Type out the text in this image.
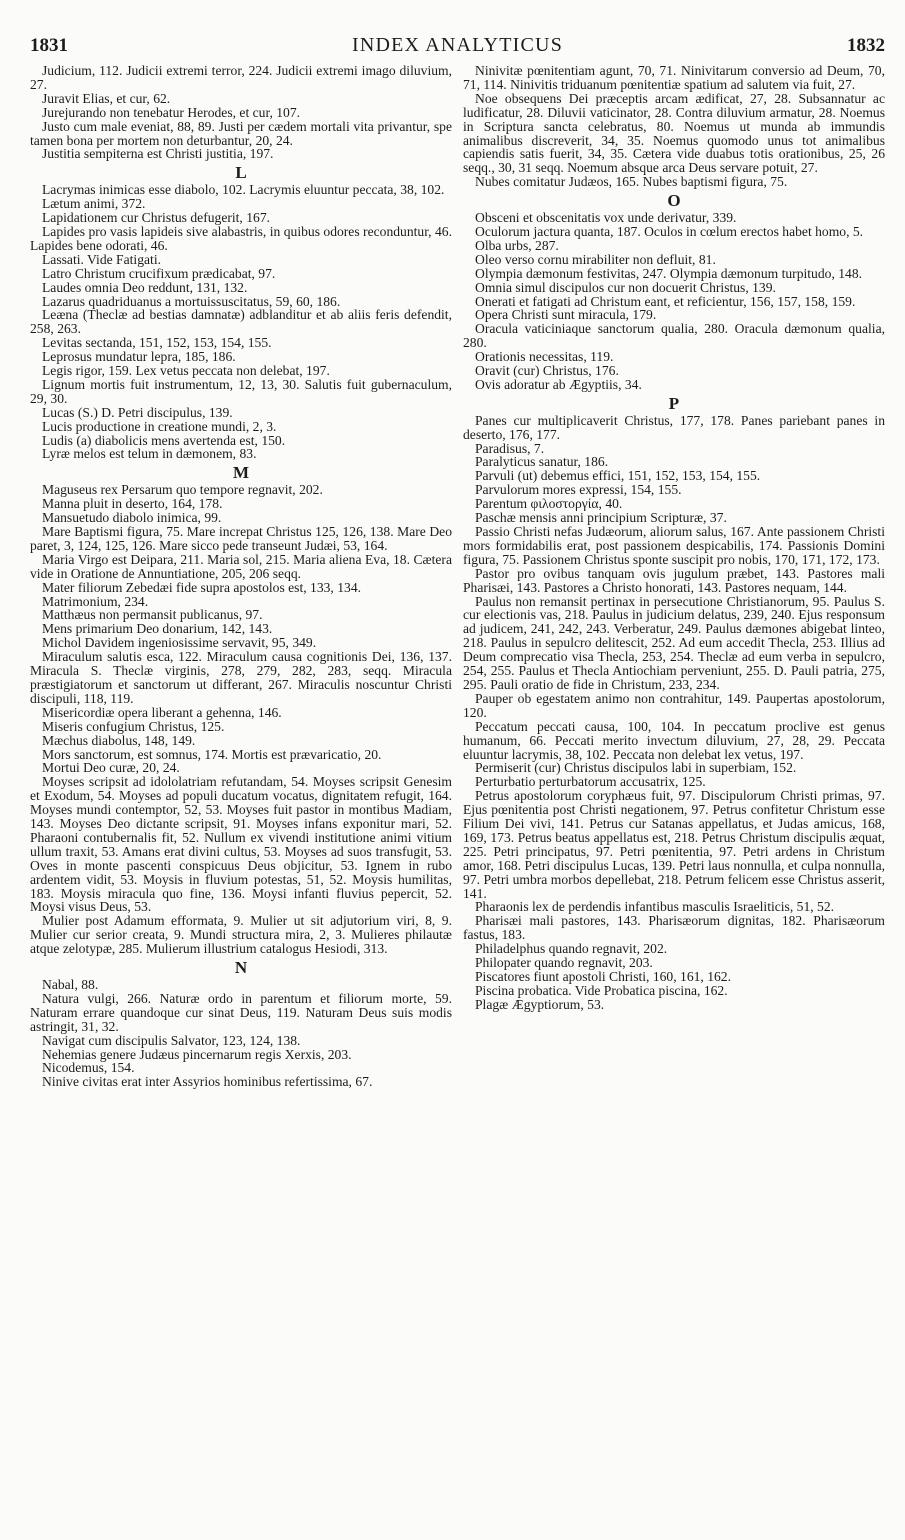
1831	INDEX ANALYTICUS	1832

Judicium, 112. Judicii extremi terror, 224. Judicii extremi imago diluvium, 27.

Juravit Elias, et cur, 62.

Jurejurando non tenebatur Herodes, et cur, 107.

Justo cum male eveniat, 88, 89. Justi per cædem mortali vita privantur, spe tamen bona per mortem non deturbantur, 20, 24.

Justitia sempiterna est Christi justitia, 197.

L

Lacrymas inimicas esse diabolo, 102. Lacrymis eluuntur peccata, 38, 102.

Lætum animi, 372.

Lapidationem cur Christus defugerit, 167.

Lapides pro vasis lapideis sive alabastris, in quibus odores reconduntur, 46. Lapides bene odorati, 46.

Lassati. Vide Fatigati.

Latro Christum crucifixum prædicabat, 97.

Laudes omnia Deo reddunt, 131, 132.

Lazarus quadriduanus a mortuissuscitatus, 59, 60, 186.

Leæna (Theclæ ad bestias damnatæ) adblanditur et ab aliis feris defendit, 258, 263.

Levitas sectanda, 151, 152, 153, 154, 155.

Leprosus mundatur lepra, 185, 186.

Legis rigor, 159. Lex vetus peccata non delebat, 197.

Lignum mortis fuit instrumentum, 12, 13, 30. Salutis fuit gubernaculum, 29, 30.

Lucas (S.) D. Petri discipulus, 139.

Lucis productione in creatione mundi, 2, 3.

Ludis (a) diabolicis mens avertenda est, 150.

Lyræ melos est telum in dæmonem, 83.

M

Maguseus rex Persarum quo tempore regnavit, 202.

Manna pluit in deserto, 164, 178.

Mansuetudo diabolo inimica, 99.

Mare Baptismi figura, 75. Mare increpat Christus 125, 126, 138. Mare Deo paret, 3, 124, 125, 126. Mare sicco pede transeunt Judæi, 53, 164.

Maria Virgo est Deipara, 211. Maria sol, 215. Maria aliena Eva, 18. Cætera vide in Oratione de Annuntiatione, 205, 206 seqq.

Mater filiorum Zebedæi fide supra apostolos est, 133, 134.

Matrimonium, 234.

Matthæus non permansit publicanus, 97.

Mens primarium Deo donarium, 142, 143.

Michol Davidem ingeniosissime servavit, 95, 349.

Miraculum salutis esca, 122. Miraculum causa cognitionis Dei, 136, 137. Miracula S. Theclæ virginis, 278, 279, 282, 283, seqq. Miracula præstigiatorum et sanctorum ut differant, 267. Miraculis noscuntur Christi discipuli, 118, 119.

Misericordiæ opera liberant a gehenna, 146.

Miseris confugium Christus, 125.

Mæchus diabolus, 148, 149.

Mors sanctorum, est somnus, 174. Mortis est prævaricatio, 20.

Mortui Deo curæ, 20, 24.

Moyses scripsit ad idololatriam refutandam, 54. Moyses scripsit Genesim et Exodum, 54. Moyses ad populi ducatum vocatus, dignitatem refugit, 164. Moyses mundi contemptor, 52, 53. Moyses fuit pastor in montibus Madiam, 143. Moyses Deo dictante scripsit, 91. Moyses infans exponitur mari, 52. Pharaoni contubernalis fit, 52. Nullum ex vivendi institutione animi vitium ullum traxit, 53. Amans erat divini cultus, 53. Moyses ad suos transfugit, 53. Oves in monte pascenti conspicuus Deus objicitur, 53. Ignem in rubo ardentem vidit, 53. Moysis in fluvium potestas, 51, 52. Moysis humilitas, 183. Moysis miracula quo fine, 136. Moysi infanti fluvius pepercit, 52. Moysi visus Deus, 53.

Mulier post Adamum efformata, 9. Mulier ut sit adjutorium viri, 8, 9. Mulier cur serior creata, 9. Mundi structura mira, 2, 3. Mulieres philautæ atque zelotypæ, 285. Mulierum illustrium catalogus Hesiodi, 313.

N

Nabal, 88.

Natura vulgi, 266. Naturæ ordo in parentum et filiorum morte, 59. Naturam errare quandoque cur sinat Deus, 119. Naturam Deus suis modis astringit, 31, 32.

Navigat cum discipulis Salvator, 123, 124, 138.

Nehemias genere Judæus pincernarum regis Xerxis, 203.

Nicodemus, 154.

Ninive civitas erat inter Assyrios hominibus refertissima, 67.

Ninivitæ pœnitentiam agunt, 70, 71. Ninivitarum conversio ad Deum, 70, 71, 114. Ninivitis triduanum pœnitentiæ spatium ad salutem via fuit, 27.

Noe obsequens Dei præceptis arcam ædificat, 27, 28. Subsannatur ac ludificatur, 28. Diluvii vaticinator, 28. Contra diluvium armatur, 28. Noemus in Scriptura sancta celebratus, 80. Noemus ut munda ab immundis animalibus discreverit, 34, 35. Noemus quomodo unus tot animalibus capiendis satis fuerit, 34, 35. Cætera vide duabus totis orationibus, 25, 26 seqq., 30, 31 seqq. Noemum absque arca Deus servare potuit, 27.

Nubes comitatur Judæos, 165. Nubes baptismi figura, 75.

O

Obsceni et obscenitatis vox unde derivatur, 339.

Oculorum jactura quanta, 187. Oculos in cœlum erectos habet homo, 5.

Olba urbs, 287.

Oleo verso cornu mirabiliter non defluit, 81.

Olympia dæmonum festivitas, 247. Olympia dæmonum turpitudo, 148.

Omnia simul discipulos cur non docuerit Christus, 139.

Onerati et fatigati ad Christum eant, et reficientur, 156, 157, 158, 159.

Opera Christi sunt miracula, 179.

Oracula vaticiniaque sanctorum qualia, 280. Oracula dæmonum qualia, 280.

Orationis necessitas, 119.

Oravit (cur) Christus, 176.

Ovis adoratur ab Ægyptiis, 34.

P

Panes cur multiplicaverit Christus, 177, 178. Panes pariebant panes in deserto, 176, 177.

Paradisus, 7.

Paralyticus sanatur, 186.

Parvuli (ut) debemus effici, 151, 152, 153, 154, 155.

Parvulorum mores expressi, 154, 155.

Parentum φιλοστοργία, 40.

Paschæ mensis anni principium Scripturæ, 37.

Passio Christi nefas Judæorum, aliorum salus, 167. Ante passionem Christi mors formidabilis erat, post passionem despicabilis, 174. Passionis Domini figura, 75. Passionem Christus sponte suscipit pro nobis, 170, 171, 172, 173.

Pastor pro ovibus tanquam ovis jugulum præbet, 143. Pastores mali Pharisæi, 143. Pastores a Christo honorati, 143. Pastores nequam, 144.

Paulus non remansit pertinax in persecutione Christianorum, 95. Paulus S. cur electionis vas, 218. Paulus in judicium delatus, 239, 240. Ejus responsum ad judicem, 241, 242, 243. Verberatur, 249. Paulus dæmones abigebat linteo, 218. Paulus in sepulcro delitescit, 252. Ad eum accedit Thecla, 253. Illius ad Deum comprecatio visa Thecla, 253, 254. Theclæ ad eum verba in sepulcro, 254, 255. Paulus et Thecla Antiochiam perveniunt, 255. D. Pauli patria, 275, 295. Pauli oratio de fide in Christum, 233, 234.

Pauper ob egestatem animo non contrahitur, 149. Paupertas apostolorum, 120.

Peccatum peccati causa, 100, 104. In peccatum proclive est genus humanum, 66. Peccati merito invectum diluvium, 27, 28, 29. Peccata eluuntur lacrymis, 38, 102. Peccata non delebat lex vetus, 197.

Permiserit (cur) Christus discipulos labi in superbiam, 152.

Perturbatio perturbatorum accusatrix, 125.

Petrus apostolorum coryphæus fuit, 97. Discipulorum Christi primas, 97. Ejus pœnitentia post Christi negationem, 97. Petrus confitetur Christum esse Filium Dei vivi, 141. Petrus cur Satanas appellatus, et Judas amicus, 168, 169, 173. Petrus beatus appellatus est, 218. Petrus Christum discipulis æquat, 225. Petri principatus, 97. Petri pœnitentia, 97. Petri ardens in Christum amor, 168. Petri discipulus Lucas, 139. Petri laus nonnulla, et culpa nonnulla, 97. Petri umbra morbos depellebat, 218. Petrum felicem esse Christus asserit, 141.

Pharaonis lex de perdendis infantibus masculis Israeliticis, 51, 52.

Pharisæi mali pastores, 143. Pharisæorum dignitas, 182. Pharisæorum fastus, 183.

Philadelphus quando regnavit, 202.

Philopater quando regnavit, 203.

Piscatores fiunt apostoli Christi, 160, 161, 162.

Piscina probatica. Vide Probatica piscina, 162.

Plagæ Ægyptiorum, 53.
